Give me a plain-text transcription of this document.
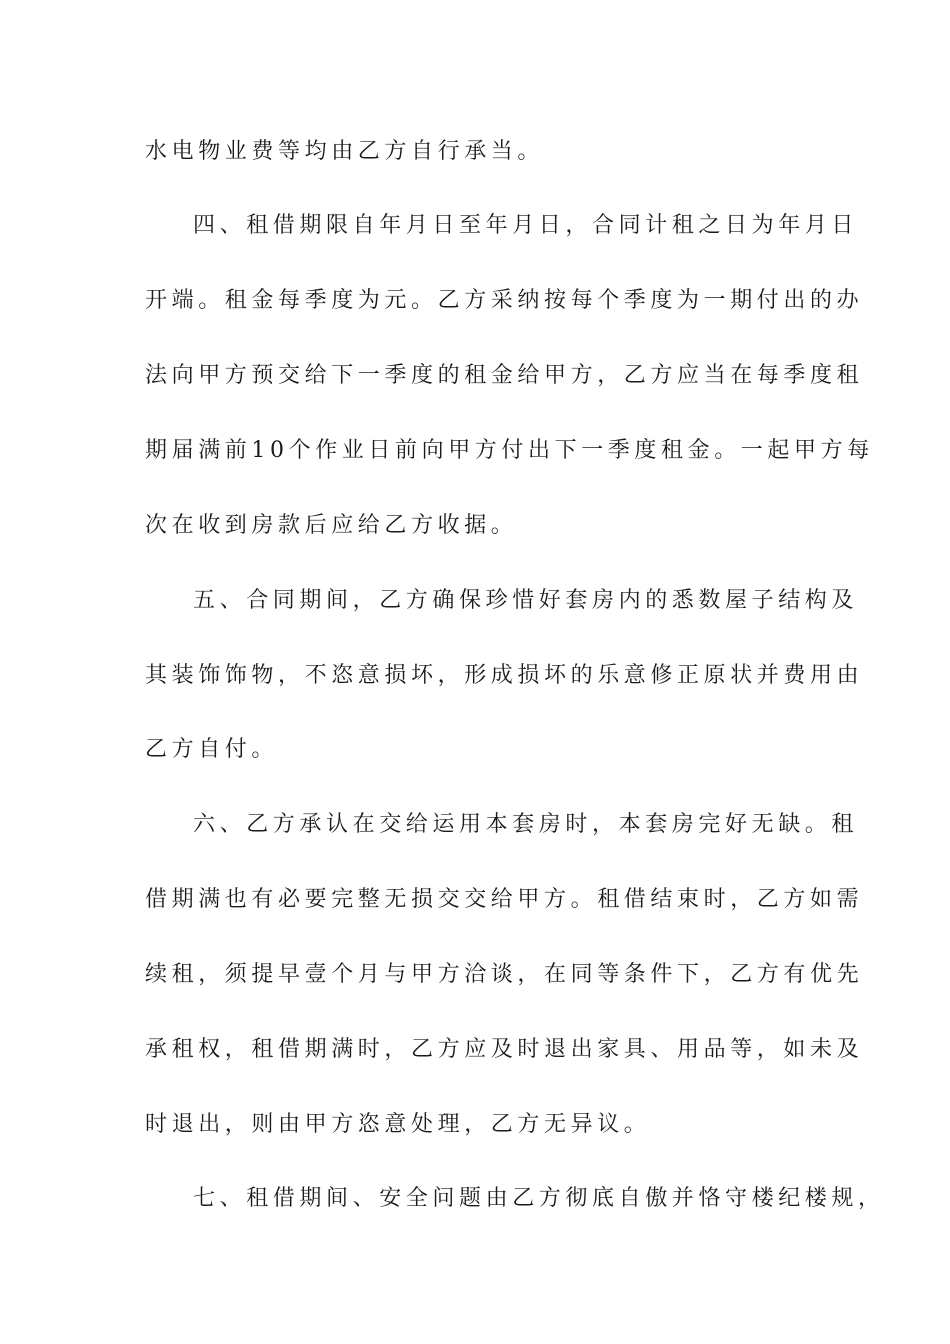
水电物业费等均由乙方自行承当。
四、租借期限自年月日至年月日，合同计租之日为年月日
开端。租金每季度为元。乙方采纳按每个季度为一期付出的办
法向甲方预交给下一季度的租金给甲方，乙方应当在每季度租
期届满前10个作业日前向甲方付出下一季度租金。一起甲方每
次在收到房款后应给乙方收据。
五、合同期间，乙方确保珍惜好套房内的悉数屋子结构及
其装饰饰物，不恣意损坏，形成损坏的乐意修正原状并费用由
乙方自付。
六、乙方承认在交给运用本套房时，本套房完好无缺。租
借期满也有必要完整无损交交给甲方。租借结束时，乙方如需
续租，须提早壹个月与甲方洽谈，在同等条件下，乙方有优先
承租权，租借期满时，乙方应及时退出家具、用品等，如未及
时退出，则由甲方恣意处理，乙方无异议。
七、租借期间、安全问题由乙方彻底自傲并恪守楼纪楼规，
